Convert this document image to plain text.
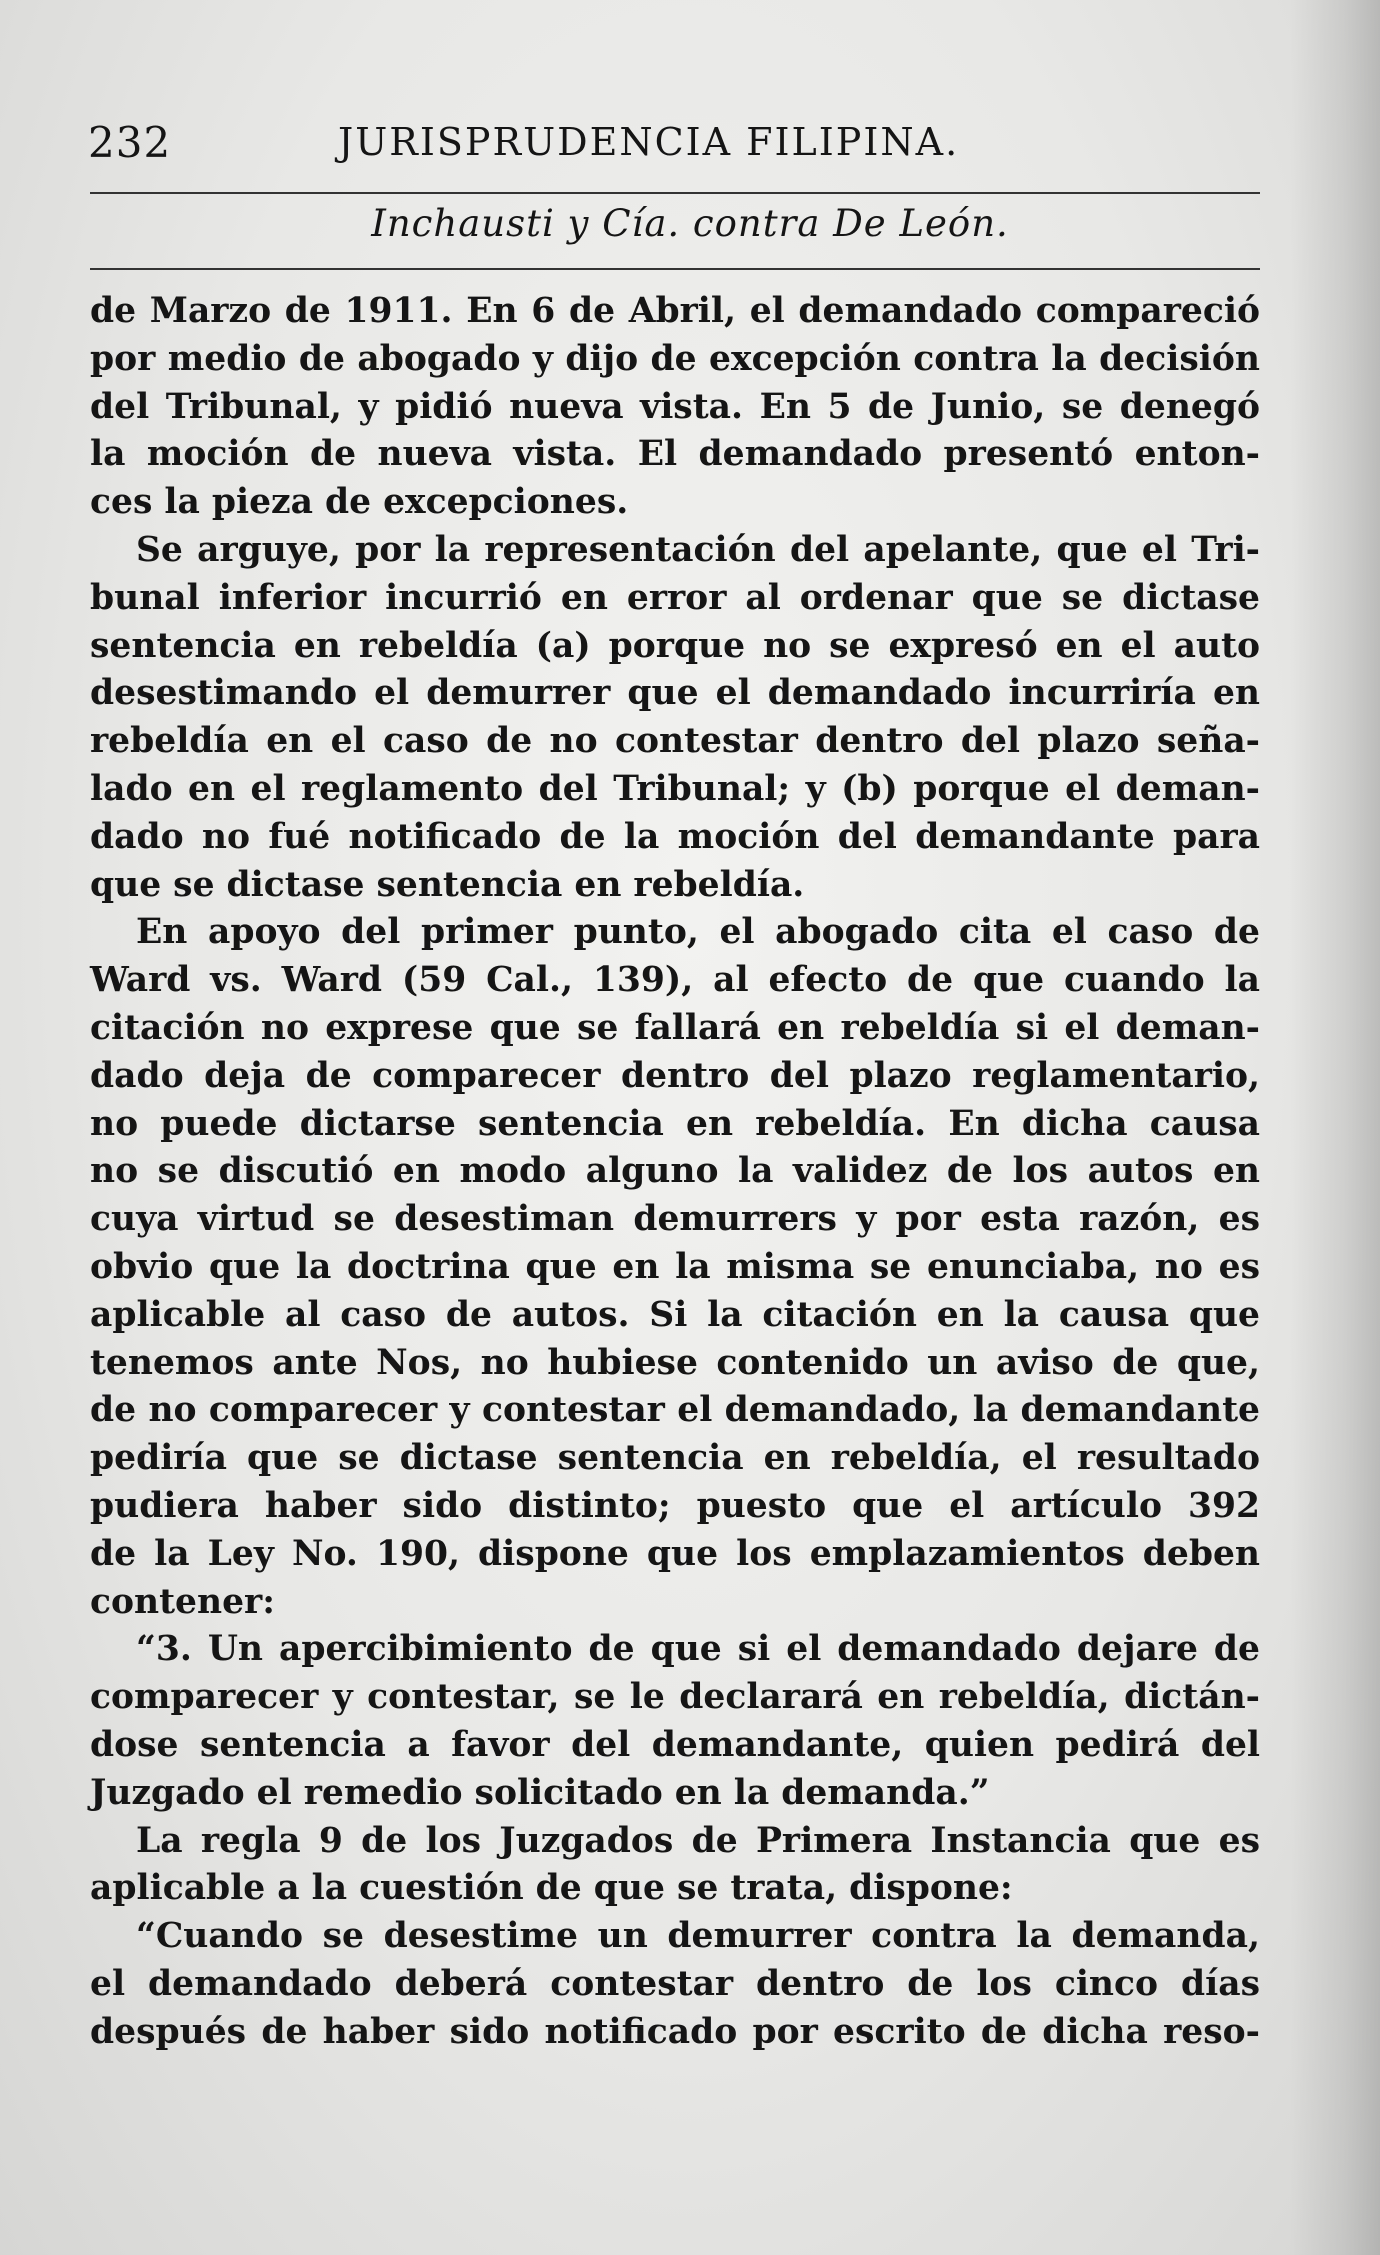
232	JURISPRUDENCIA FILIPINA.
Inchausti y Cía. contra De León.
de Marzo de 1911. En 6 de Abril, el demandado compareció
por medio de abogado y dijo de excepción contra la decisión
del Tribunal, y pidió nueva vista. En 5 de Junio, se denegó
la moción de nueva vista. El demandado presentó enton-
ces la pieza de excepciones.
Se arguye, por la representación del apelante, que el Tri-
bunal inferior incurrió en error al ordenar que se dictase
sentencia en rebeldía (a) porque no se expresó en el auto
desestimando el demurrer que el demandado incurriría en
rebeldía en el caso de no contestar dentro del plazo seña-
lado en el reglamento del Tribunal; y (b) porque el deman-
dado no fué notificado de la moción del demandante para
que se dictase sentencia en rebeldía.
En apoyo del primer punto, el abogado cita el caso de
Ward vs. Ward (59 Cal., 139), al efecto de que cuando la
citación no exprese que se fallará en rebeldía si el deman-
dado deja de comparecer dentro del plazo reglamentario,
no puede dictarse sentencia en rebeldía. En dicha causa
no se discutió en modo alguno la validez de los autos en
cuya virtud se desestiman demurrers y por esta razón, es
obvio que la doctrina que en la misma se enunciaba, no es
aplicable al caso de autos. Si la citación en la causa que
tenemos ante Nos, no hubiese contenido un aviso de que,
de no comparecer y contestar el demandado, la demandante
pediría que se dictase sentencia en rebeldía, el resultado
pudiera haber sido distinto; puesto que el artículo 392
de la Ley No. 190, dispone que los emplazamientos deben
contener:
“3. Un apercibimiento de que si el demandado dejare de
comparecer y contestar, se le declarará en rebeldía, dictán-
dose sentencia a favor del demandante, quien pedirá del
Juzgado el remedio solicitado en la demanda.”
La regla 9 de los Juzgados de Primera Instancia que es
aplicable a la cuestión de que se trata, dispone:
“Cuando se desestime un demurrer contra la demanda,
el demandado deberá contestar dentro de los cinco días
después de haber sido notificado por escrito de dicha reso-
